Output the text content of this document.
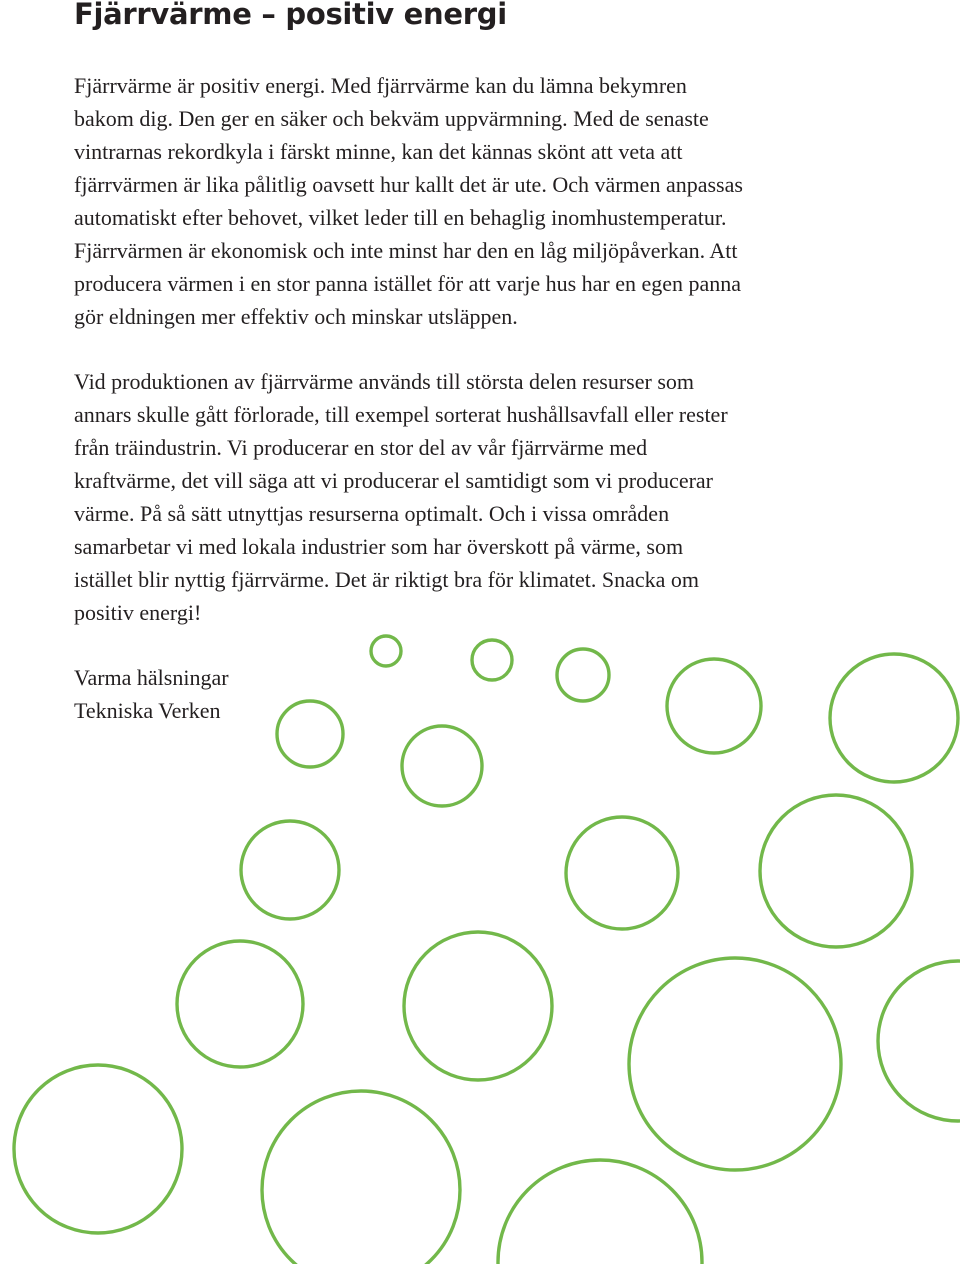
Fjärrvärme – positiv energi

Fjärrvärme är positiv energi. Med fjärrvärme kan du lämna bekymren
bakom dig. Den ger en säker och bekväm uppvärmning. Med de senaste
vintrarnas rekordkyla i färskt minne, kan det kännas skönt att veta att
fjärrvärmen är lika pålitlig oavsett hur kallt det är ute. Och värmen anpassas
automatiskt efter behovet, vilket leder till en behaglig inomhustemperatur.
Fjärrvärmen är ekonomisk och inte minst har den en låg miljöpåverkan. Att
producera värmen i en stor panna istället för att varje hus har en egen panna
gör eldningen mer effektiv och minskar utsläppen.

Vid produktionen av fjärrvärme används till största delen resurser som
annars skulle gått förlorade, till exempel sorterat hushållsavfall eller rester
från träindustrin. Vi producerar en stor del av vår fjärrvärme med
kraftvärme, det vill säga att vi producerar el samtidigt som vi producerar
värme. På så sätt utnyttjas resurserna optimalt. Och i vissa områden
samarbetar vi med lokala industrier som har överskott på värme, som
istället blir nyttig fjärrvärme. Det är riktigt bra för klimatet. Snacka om
positiv energi!

Varma hälsningar
Tekniska Verken
